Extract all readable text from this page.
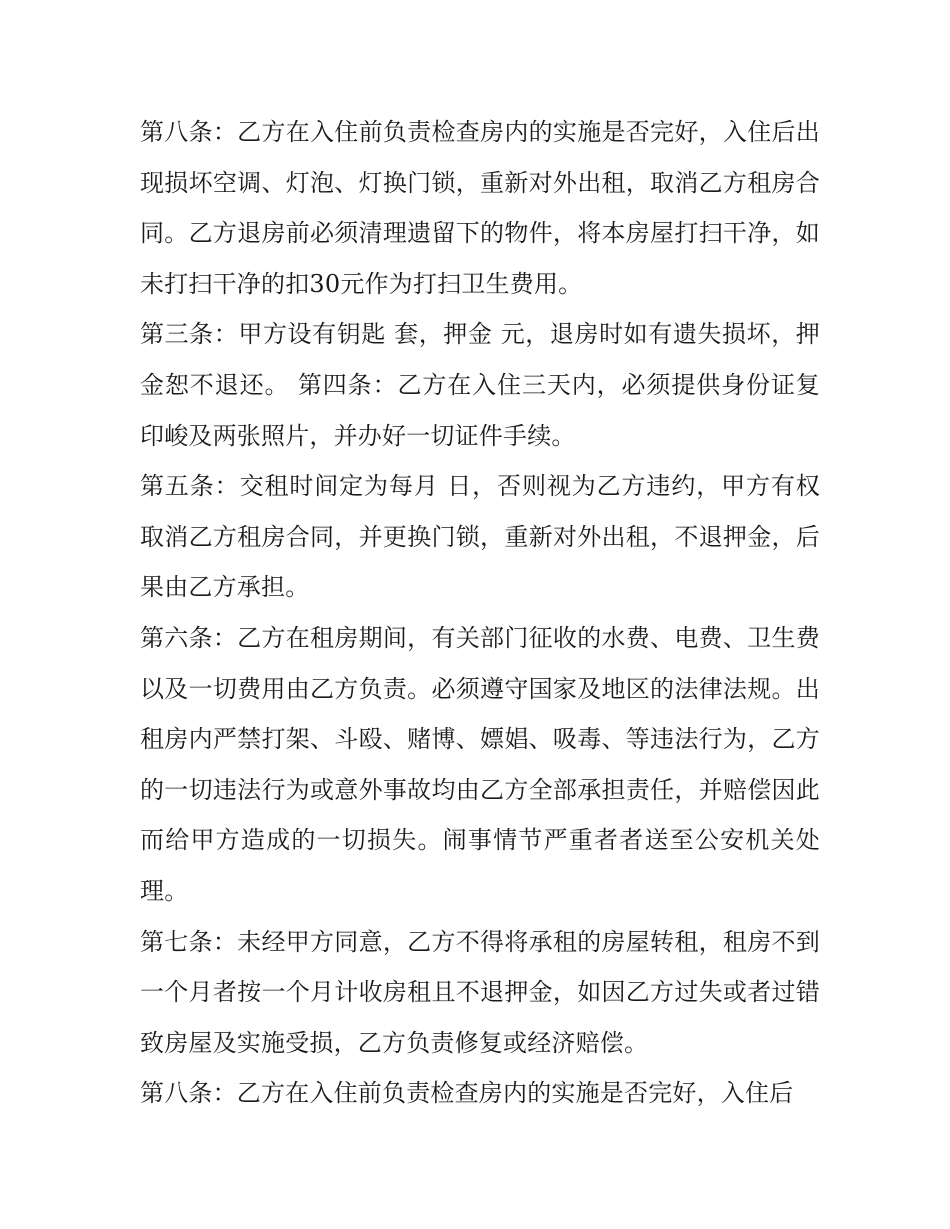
第八条：乙方在入住前负责检查房内的实施是否完好，入住后出现损坏空调、灯泡、灯换门锁，重新对外出租，取消乙方租房合同。乙方退房前必须清理遗留下的物件，将本房屋打扫干净，如未打扫干净的扣30元作为打扫卫生费用。

第三条：甲方设有钥匙 套，押金 元，退房时如有遗失损坏，押金恕不退还。 第四条：乙方在入住三天内，必须提供身份证复印峻及两张照片，并办好一切证件手续。

第五条：交租时间定为每月 日，否则视为乙方违约，甲方有权取消乙方租房合同，并更换门锁，重新对外出租，不退押金，后果由乙方承担。

第六条：乙方在租房期间，有关部门征收的水费、电费、卫生费以及一切费用由乙方负责。必须遵守国家及地区的法律法规。出租房内严禁打架、斗殴、赌博、嫖娼、吸毒、等违法行为，乙方的一切违法行为或意外事故均由乙方全部承担责任，并赔偿因此而给甲方造成的一切损失。闹事情节严重者者送至公安机关处理。

第七条：未经甲方同意，乙方不得将承租的房屋转租，租房不到一个月者按一个月计收房租且不退押金，如因乙方过失或者过错致房屋及实施受损，乙方负责修复或经济赔偿。

第八条：乙方在入住前负责检查房内的实施是否完好，入住后
